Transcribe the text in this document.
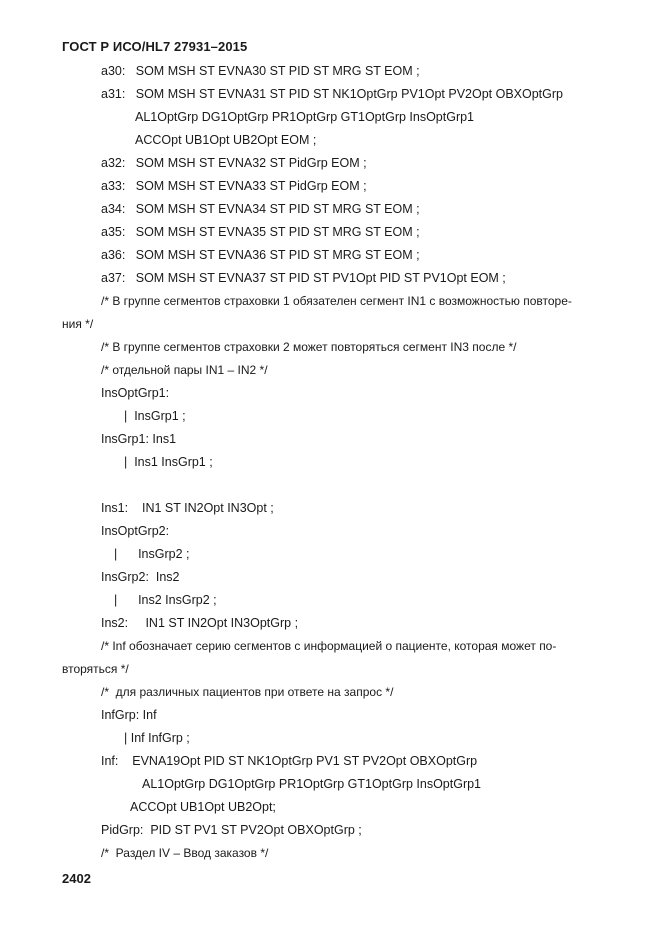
ГОСТ Р ИСО/HL7 27931–2015
a30:   SOM MSH ST EVNA30 ST PID ST MRG ST EOM ;
a31:   SOM MSH ST EVNA31 ST PID ST NK1OptGrp PV1Opt PV2Opt OBXOptGrp
AL1OptGrp DG1OptGrp PR1OptGrp GT1OptGrp InsOptGrp1
ACCOpt UB1Opt UB2Opt EOM ;
a32:   SOM MSH ST EVNA32 ST PidGrp EOM ;
a33:   SOM MSH ST EVNA33 ST PidGrp EOM ;
a34:   SOM MSH ST EVNA34 ST PID ST MRG ST EOM ;
a35:   SOM MSH ST EVNA35 ST PID ST MRG ST EOM ;
a36:   SOM MSH ST EVNA36 ST PID ST MRG ST EOM ;
a37:   SOM MSH ST EVNA37 ST PID ST PV1Opt PID ST PV1Opt EOM ;
/* В группе сегментов страховки 1 обязателен сегмент IN1 с возможностью повторе-
ния */
/* В группе сегментов страховки 2 может повторяться сегмент IN3 после */
/* отдельной пары IN1 – IN2 */
InsOptGrp1:
|  InsGrp1 ;
InsGrp1: Ins1
|  Ins1 InsGrp1 ;
Ins1:    IN1 ST IN2Opt IN3Opt ;
InsOptGrp2:
|      InsGrp2 ;
InsGrp2:  Ins2
|      Ins2 InsGrp2 ;
Ins2:     IN1 ST IN2Opt IN3OptGrp ;
/* Inf обозначает серию сегментов с информацией о пациенте, которая может по-
вторяться */
/*  для различных пациентов при ответе на запрос */
InfGrp: Inf
| Inf InfGrp ;
Inf:    EVNA19Opt PID ST NK1OptGrp PV1 ST PV2Opt OBXOptGrp
AL1OptGrp DG1OptGrp PR1OptGrp GT1OptGrp InsOptGrp1
ACCOpt UB1Opt UB2Opt;
PidGrp:  PID ST PV1 ST PV2Opt OBXOptGrp ;
/*  Раздел IV – Ввод заказов */
2402
